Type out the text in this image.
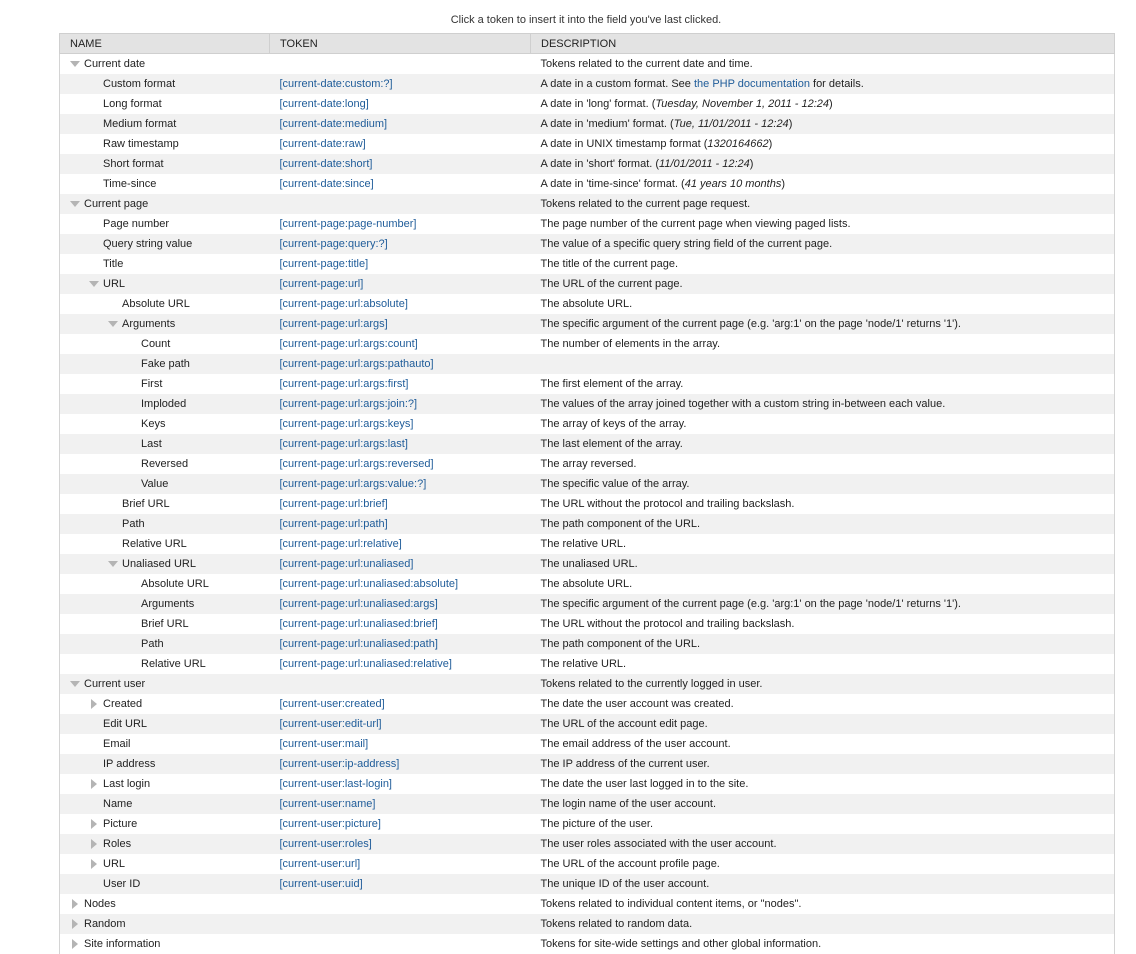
Click a token to insert it into the field you've last clicked.
NAME	TOKEN	DESCRIPTION

Current date		Tokens related to the current date and time.

Custom format	[current-date:custom:?]	A date in a custom format. See the PHP documentation for details.

Long format	[current-date:long]	A date in 'long' format. (Tuesday, November 1, 2011 - 12:24)

Medium format	[current-date:medium]	A date in 'medium' format. (Tue, 11/01/2011 - 12:24)

Raw timestamp	[current-date:raw]	A date in UNIX timestamp format (1320164662)

Short format	[current-date:short]	A date in 'short' format. (11/01/2011 - 12:24)

Time-since	[current-date:since]	A date in 'time-since' format. (41 years 10 months)

Current page		Tokens related to the current page request.

Page number	[current-page:page-number]	The page number of the current page when viewing paged lists.

Query string value	[current-page:query:?]	The value of a specific query string field of the current page.

Title	[current-page:title]	The title of the current page.

URL	[current-page:url]	The URL of the current page.

Absolute URL	[current-page:url:absolute]	The absolute URL.

Arguments	[current-page:url:args]	The specific argument of the current page (e.g. 'arg:1' on the page 'node/1' returns '1').

Count	[current-page:url:args:count]	The number of elements in the array.

Fake path	[current-page:url:args:pathauto]	

First	[current-page:url:args:first]	The first element of the array.

Imploded	[current-page:url:args:join:?]	The values of the array joined together with a custom string in-between each value.

Keys	[current-page:url:args:keys]	The array of keys of the array.

Last	[current-page:url:args:last]	The last element of the array.

Reversed	[current-page:url:args:reversed]	The array reversed.

Value	[current-page:url:args:value:?]	The specific value of the array.

Brief URL	[current-page:url:brief]	The URL without the protocol and trailing backslash.

Path	[current-page:url:path]	The path component of the URL.

Relative URL	[current-page:url:relative]	The relative URL.

Unaliased URL	[current-page:url:unaliased]	The unaliased URL.

Absolute URL	[current-page:url:unaliased:absolute]	The absolute URL.

Arguments	[current-page:url:unaliased:args]	The specific argument of the current page (e.g. 'arg:1' on the page 'node/1' returns '1').

Brief URL	[current-page:url:unaliased:brief]	The URL without the protocol and trailing backslash.

Path	[current-page:url:unaliased:path]	The path component of the URL.

Relative URL	[current-page:url:unaliased:relative]	The relative URL.

Current user		Tokens related to the currently logged in user.

Created	[current-user:created]	The date the user account was created.

Edit URL	[current-user:edit-url]	The URL of the account edit page.

Email	[current-user:mail]	The email address of the user account.

IP address	[current-user:ip-address]	The IP address of the current user.

Last login	[current-user:last-login]	The date the user last logged in to the site.

Name	[current-user:name]	The login name of the user account.

Picture	[current-user:picture]	The picture of the user.

Roles	[current-user:roles]	The user roles associated with the user account.

URL	[current-user:url]	The URL of the account profile page.

User ID	[current-user:uid]	The unique ID of the user account.

Nodes		Tokens related to individual content items, or "nodes".

Random		Tokens related to random data.

Site information		Tokens for site-wide settings and other global information.
